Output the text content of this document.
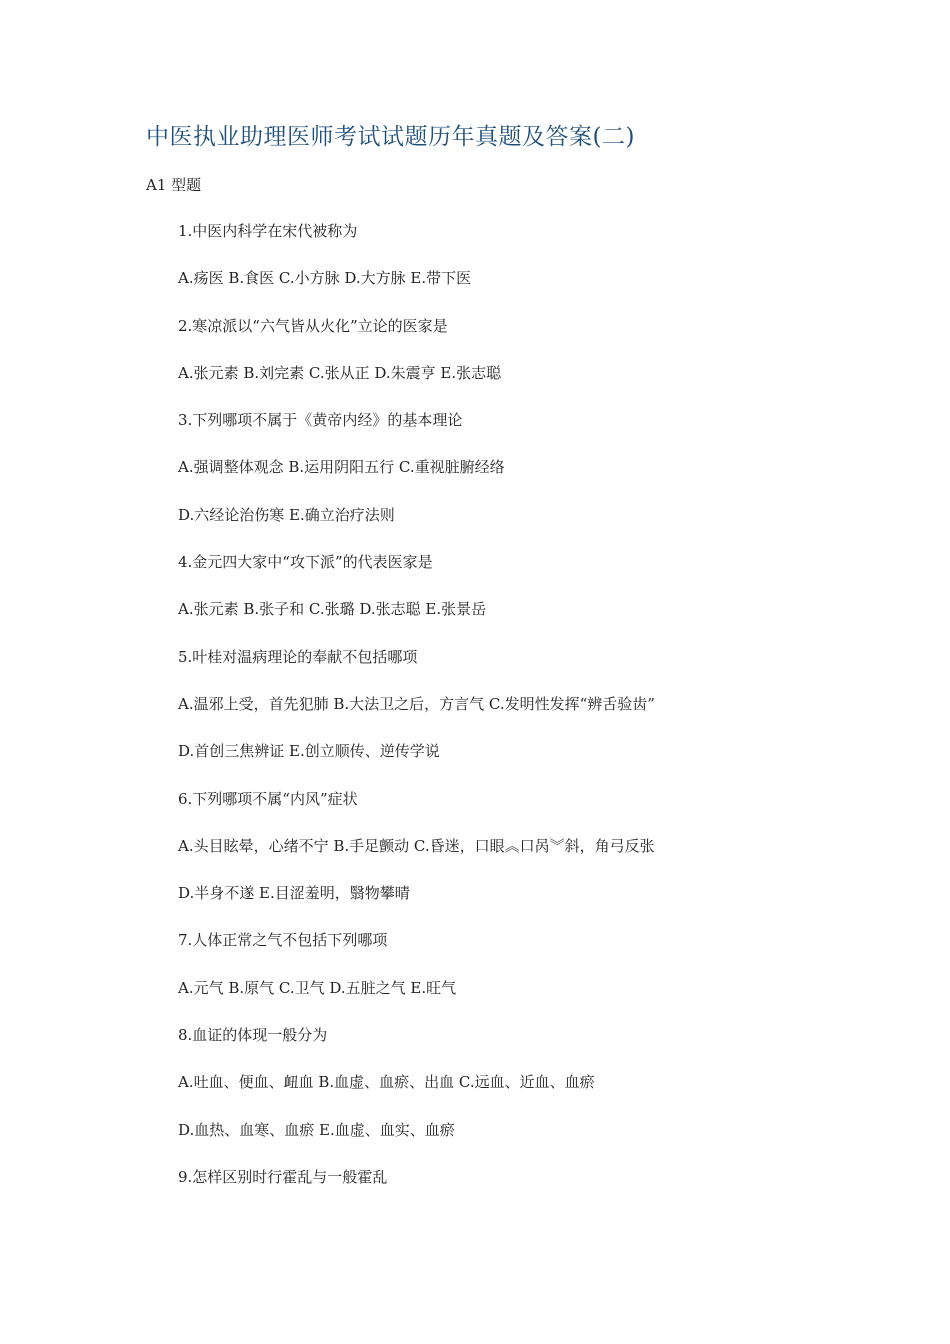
中医执业助理医师考试试题历年真题及答案(二)
A1 型题
1.中医内科学在宋代被称为
A.疡医 B.食医 C.小方脉 D.大方脉 E.带下医
2.寒凉派以“六气皆从火化”立论的医家是
A.张元素 B.刘完素 C.张从正 D.朱震亨 E.张志聪
3.下列哪项不属于《黄帝内经》的基本理论
A.强调整体观念 B.运用阴阳五行 C.重视脏腑经络
D.六经论治伤寒 E.确立治疗法则
4.金元四大家中“攻下派”的代表医家是
A.张元素 B.张子和 C.张璐 D.张志聪 E.张景岳
5.叶桂对温病理论的奉献不包括哪项
A.温邪上受，首先犯肺 B.大法卫之后，方言气 C.发明性发挥“辨舌验齿”
D.首创三焦辨证 E.创立顺传、逆传学说
6.下列哪项不属“内风”症状
A.头目眩晕，心绪不宁 B.手足颤动 C.昏迷，口眼︽口呙︾斜，角弓反张
D.半身不遂 E.目涩羞明，翳物攀晴
7.人体正常之气不包括下列哪项
A.元气 B.原气 C.卫气 D.五脏之气 E.旺气
8.血证的体现一般分为
A.吐血、便血、衄血 B.血虚、血瘀、出血 C.远血、近血、血瘀
D.血热、血寒、血瘀 E.血虚、血实、血瘀
9.怎样区别时行霍乱与一般霍乱
